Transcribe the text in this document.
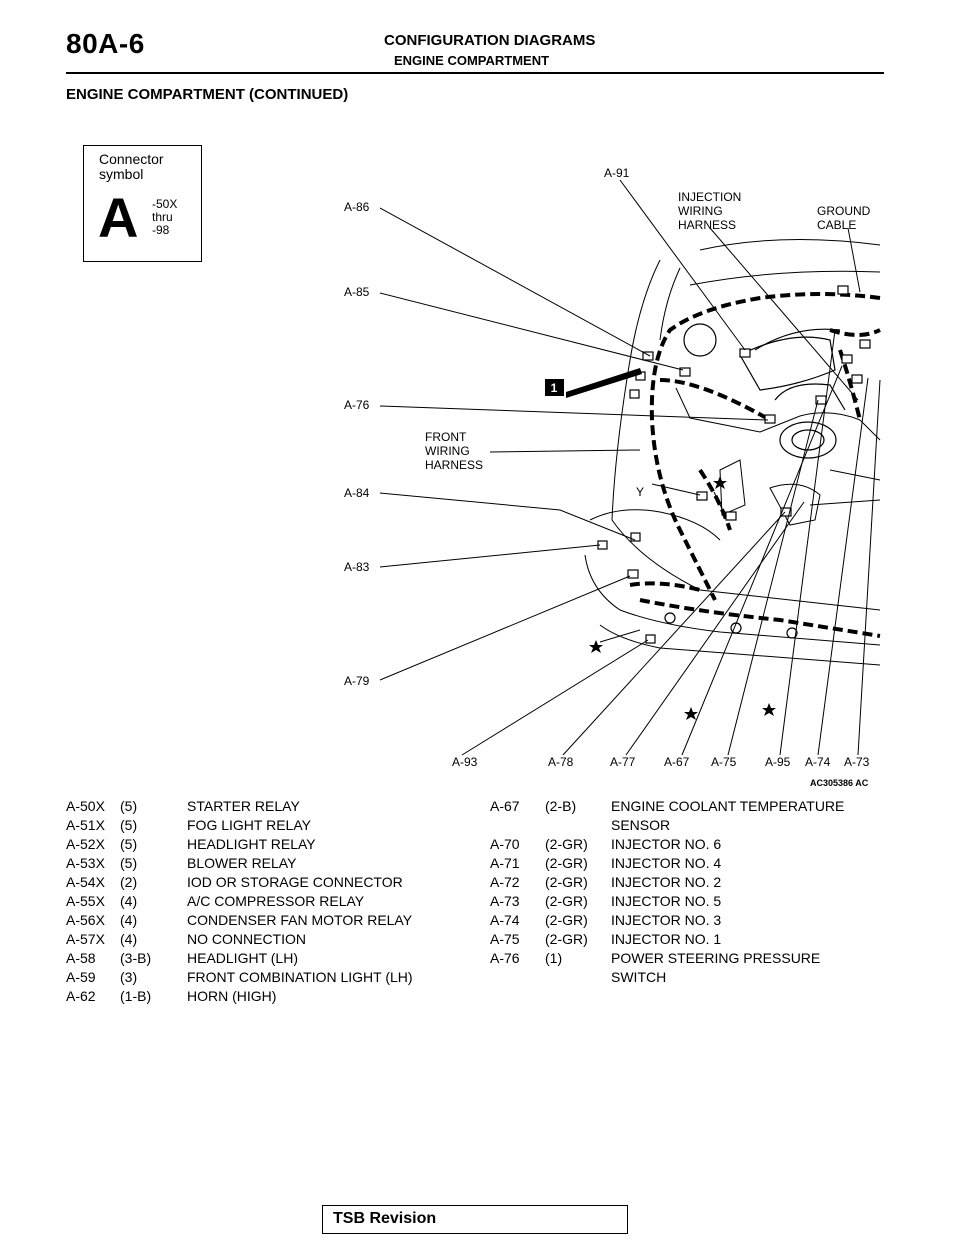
80A-6	CONFIGURATION DIAGRAMS
ENGINE COMPARTMENT
ENGINE COMPARTMENT (CONTINUED)
Connector symbol
A -50X
thru
-98
1
A-86
A-85
A-76
A-84
A-83
A-79
A-91
INJECTION
WIRING
HARNESS
GROUND
CABLE
FRONT
WIRING
HARNESS
Y
A-93	A-78	A-77 A-67 A-75 A-95 A-74 A-73
AC305386 AC
A-50X (5)	STARTER RELAY
A-51X (5)	FOG LIGHT RELAY
A-52X (5)	HEADLIGHT RELAY
A-53X (5)	BLOWER RELAY
A-54X (2)	IOD OR STORAGE CONNECTOR
A-55X (4)	A/C COMPRESSOR RELAY
A-56X (4)	CONDENSER FAN MOTOR RELAY
A-57X (4)	NO CONNECTION
A-58 (3-B)	HEADLIGHT (LH)
A-59 (3)	FRONT COMBINATION LIGHT (LH)
A-62 (1-B)	HORN (HIGH)
A-67 (2-B) ENGINE COOLANT TEMPERATURE SENSOR
A-70 (2-GR) INJECTOR NO. 6
A-71 (2-GR) INJECTOR NO. 4
A-72 (2-GR) INJECTOR NO. 2
A-73 (2-GR) INJECTOR NO. 5
A-74 (2-GR) INJECTOR NO. 3
A-75 (2-GR) INJECTOR NO. 1
A-76 (1)	POWER STEERING PRESSURE SWITCH
TSB Revision
